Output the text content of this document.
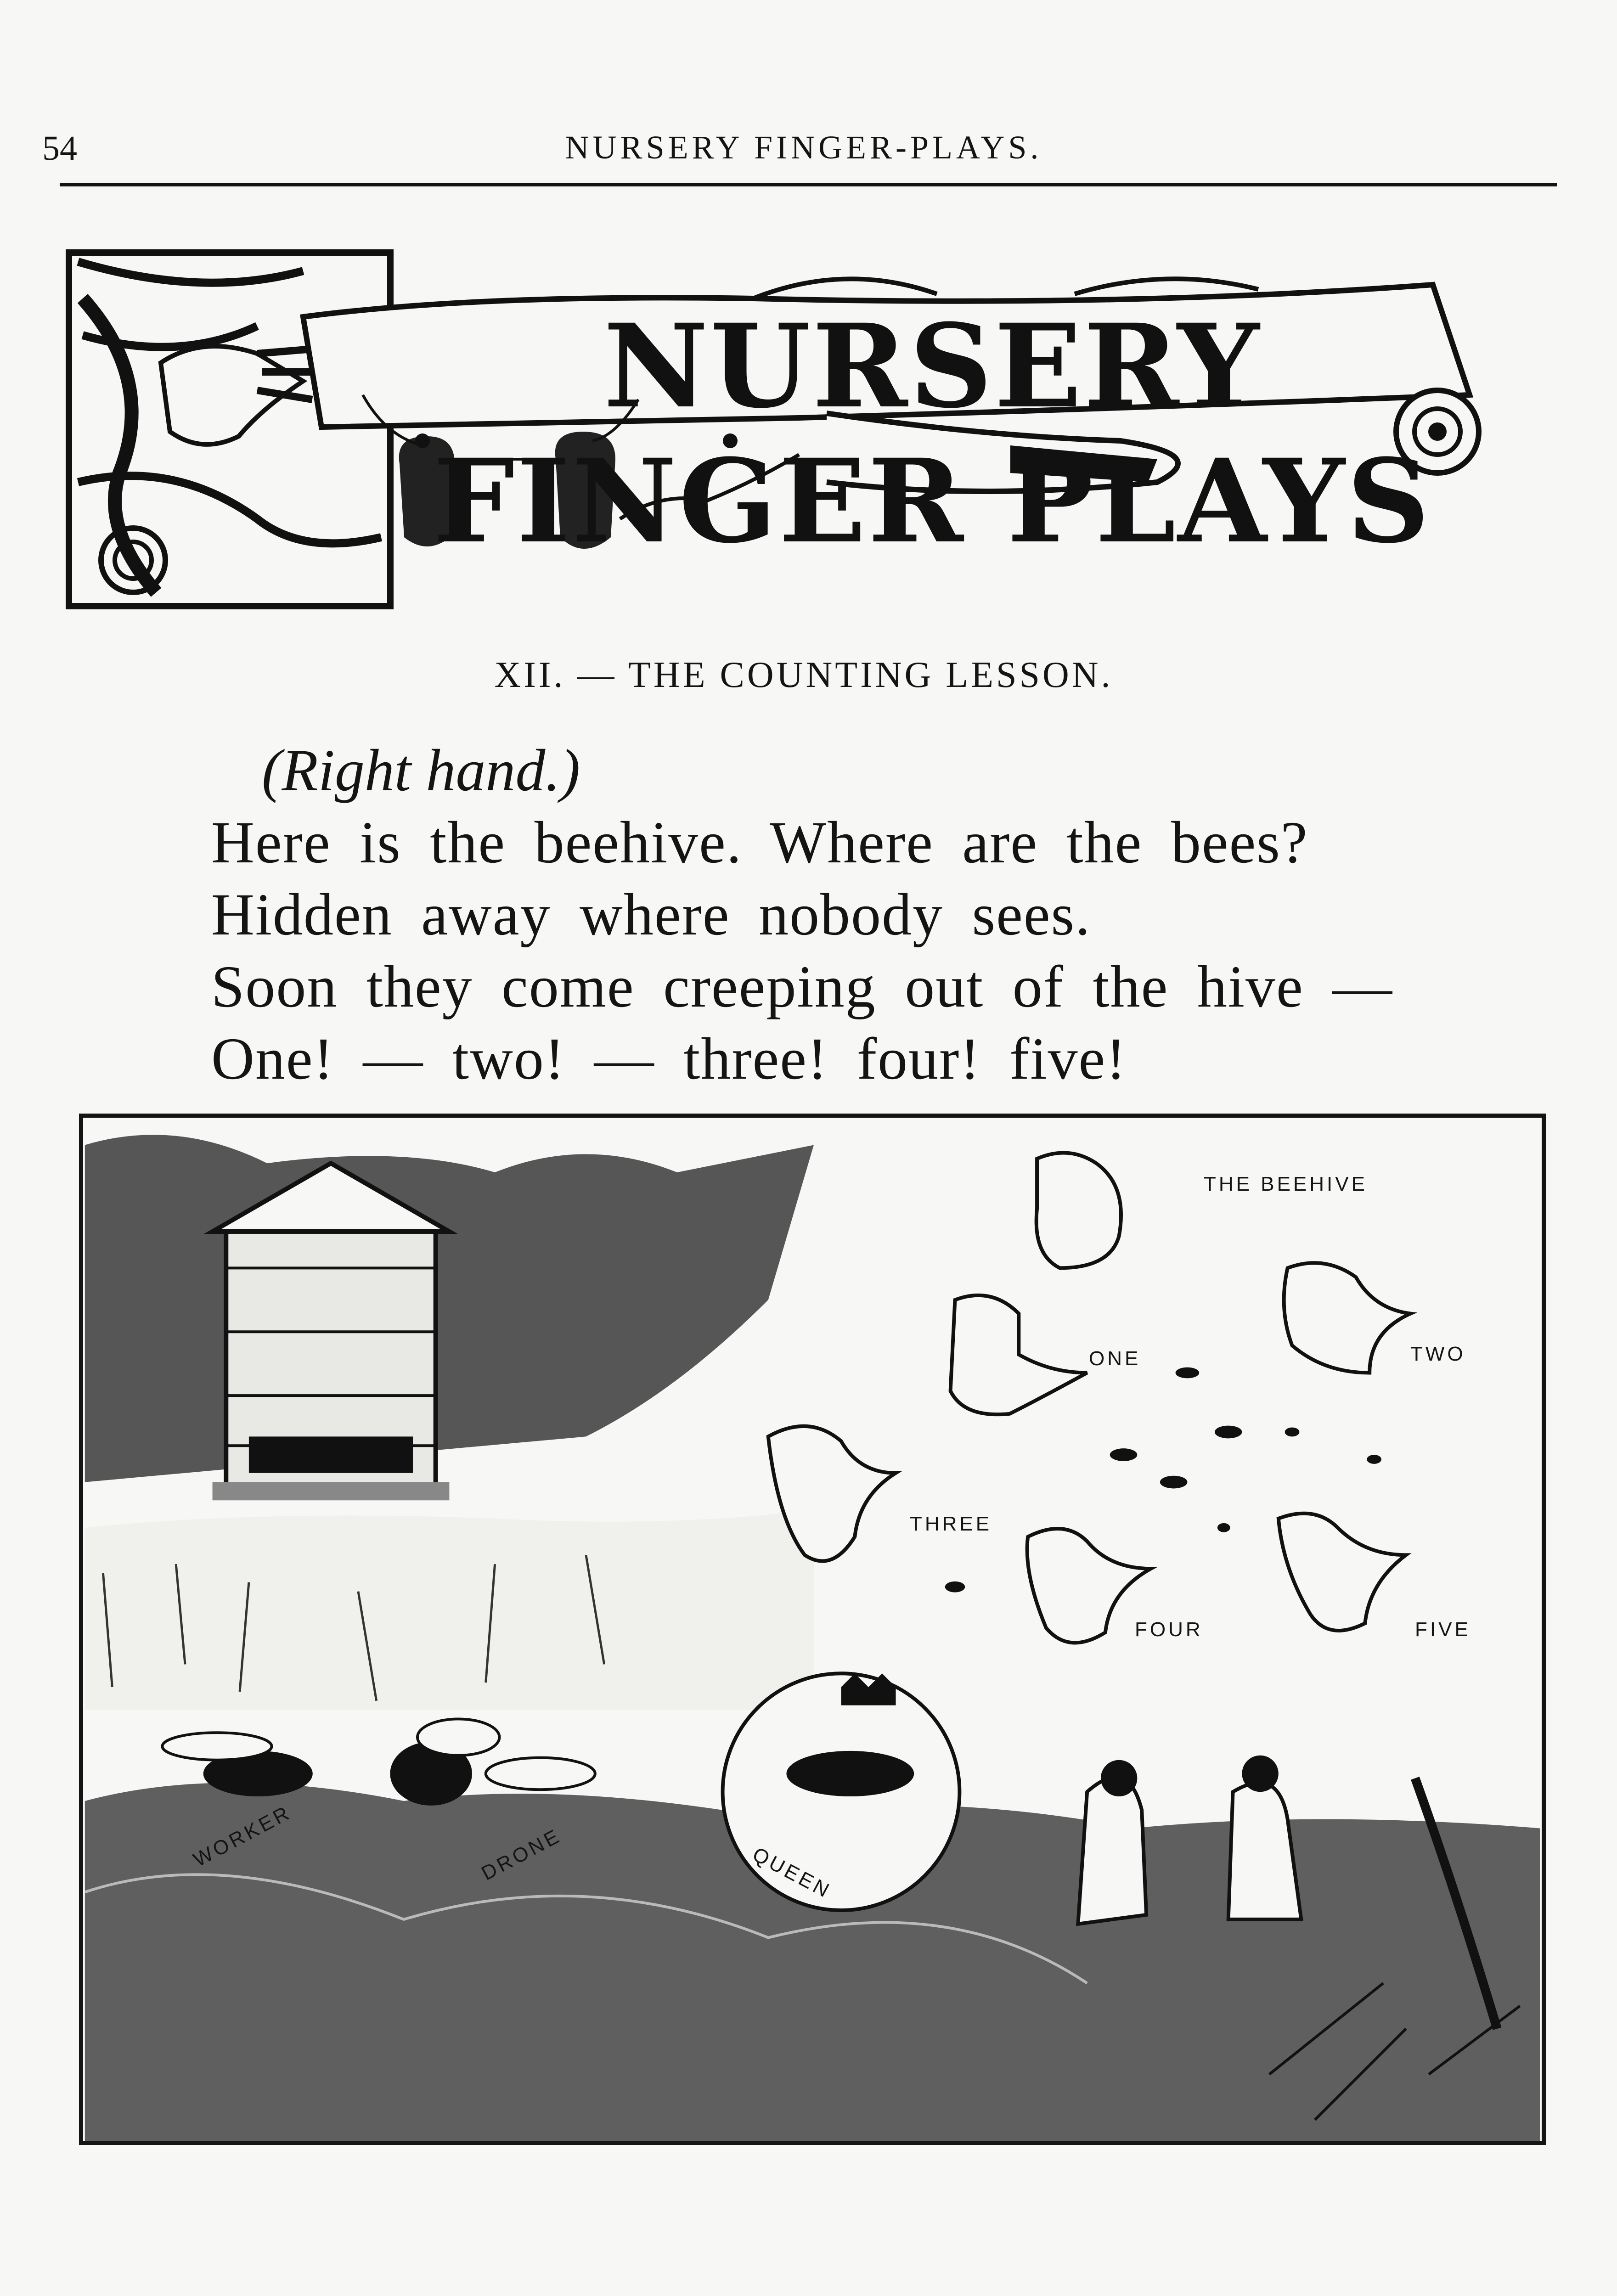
54	NURSERY FINGER-PLAYS.
NURSERY FINGER PLAYS
XII. — THE COUNTING LESSON.
(Right hand.)
Here is the beehive. Where are the bees?
Hidden away where nobody sees.
Soon they come creeping out of the hive —
One! — two! — three! four! five!
THE BEEHIVE
ONE	TWO
THREE
FOUR	FIVE
WORKER	DRONE	QUEEN
